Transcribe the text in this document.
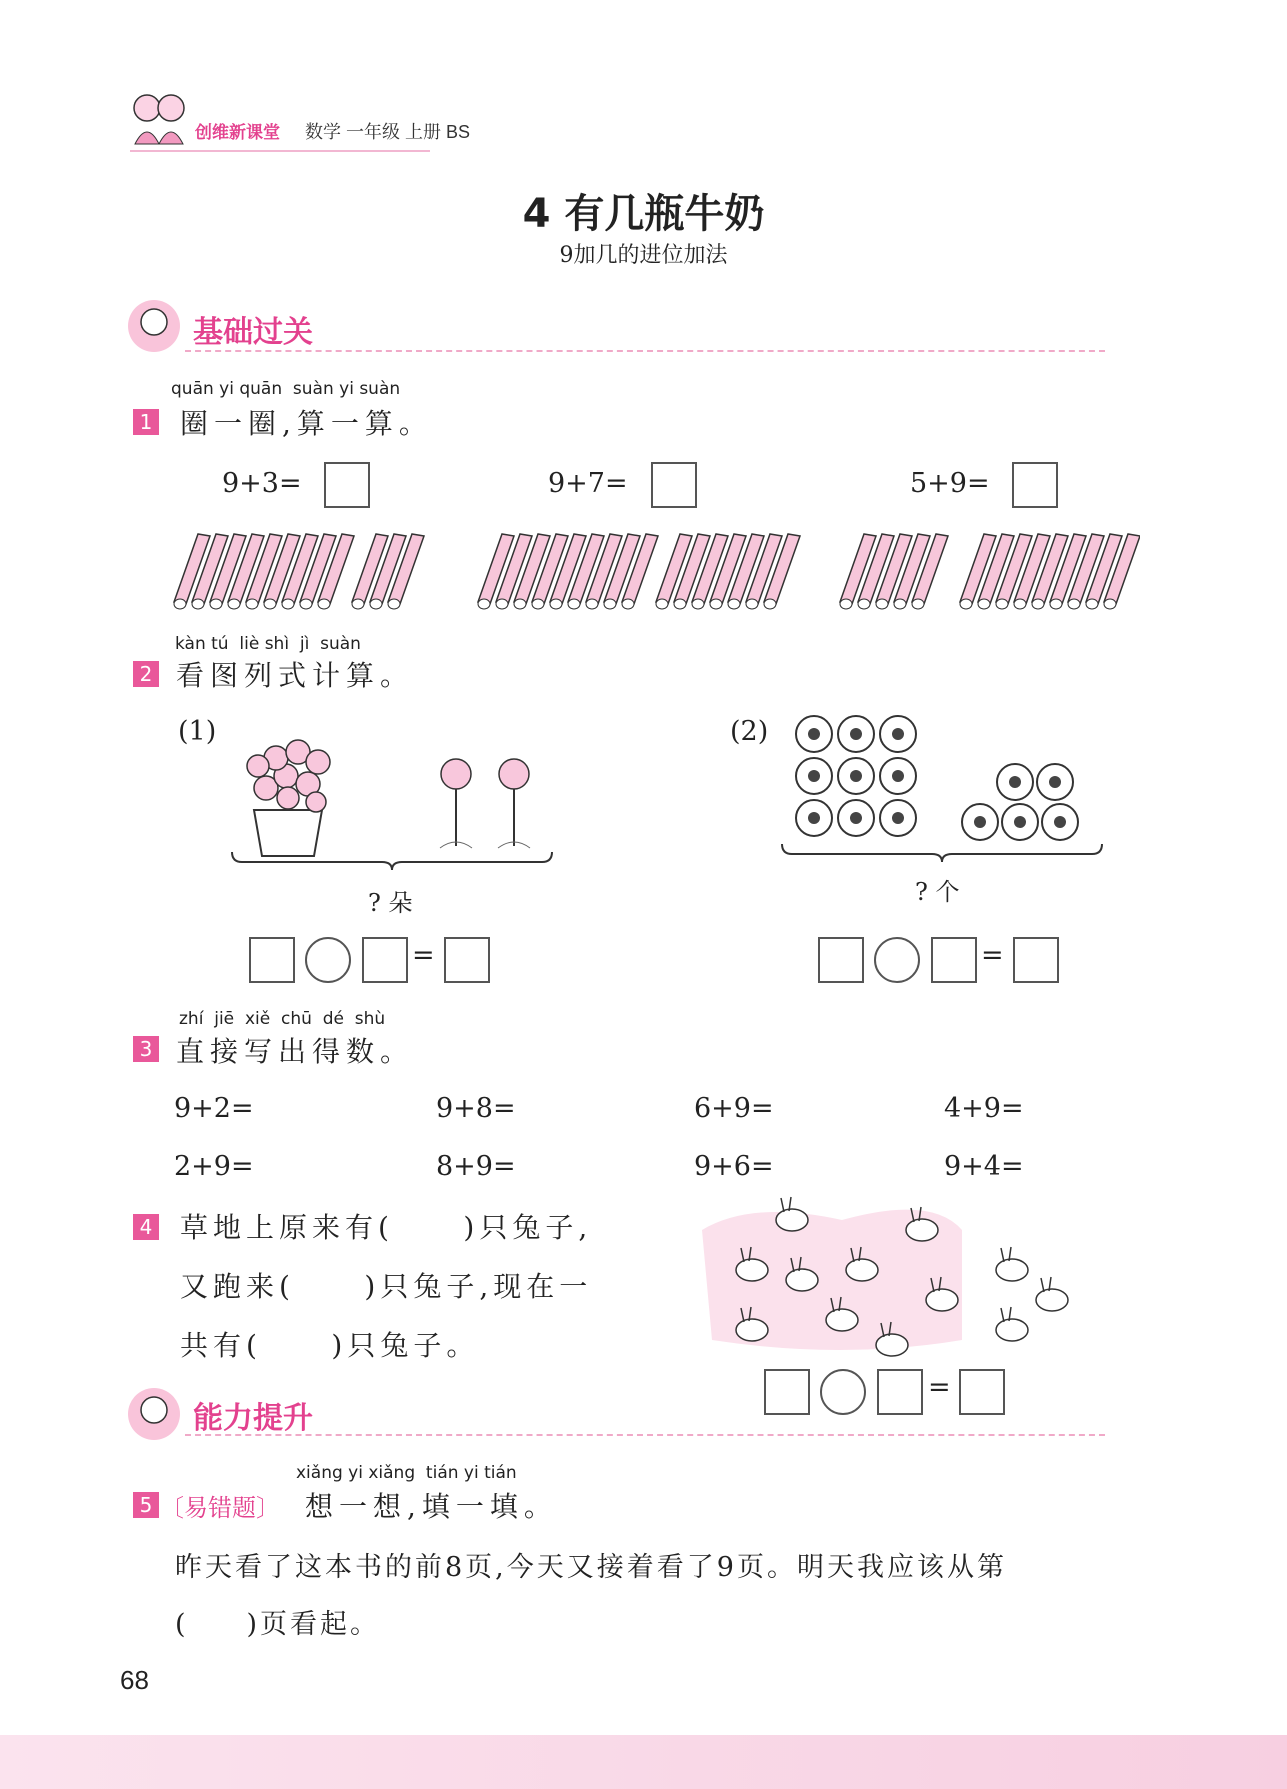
创维新课堂 数学 一年级 上册 BS
4 有几瓶牛奶
9加几的进位加法
基础过关
quān yi quān  suàn yi suàn
1 圈一圈,算一算。
9+3=	9+7=	5+9=
kàn tú  liè shì  jì  suàn
2 看图列式计算。
(1)
? 朵
=
(2)
? 个
=
zhí  jiē  xiě  chū  dé  shù
3 直接写出得数。
9+2=	9+8=	6+9=	4+9=
2+9=	8+9=	9+6=	9+4=
4 草地上原来有(     )只兔子,
又跑来(     )只兔子,现在一
共有(     )只兔子。
=
能力提升
xiǎng yi xiǎng  tián yi tián
5 〔易错题〕 想一想,填一填。
昨天看了这本书的前8页,今天又接着看了9页。明天我应该从第
(     )页看起。
68
